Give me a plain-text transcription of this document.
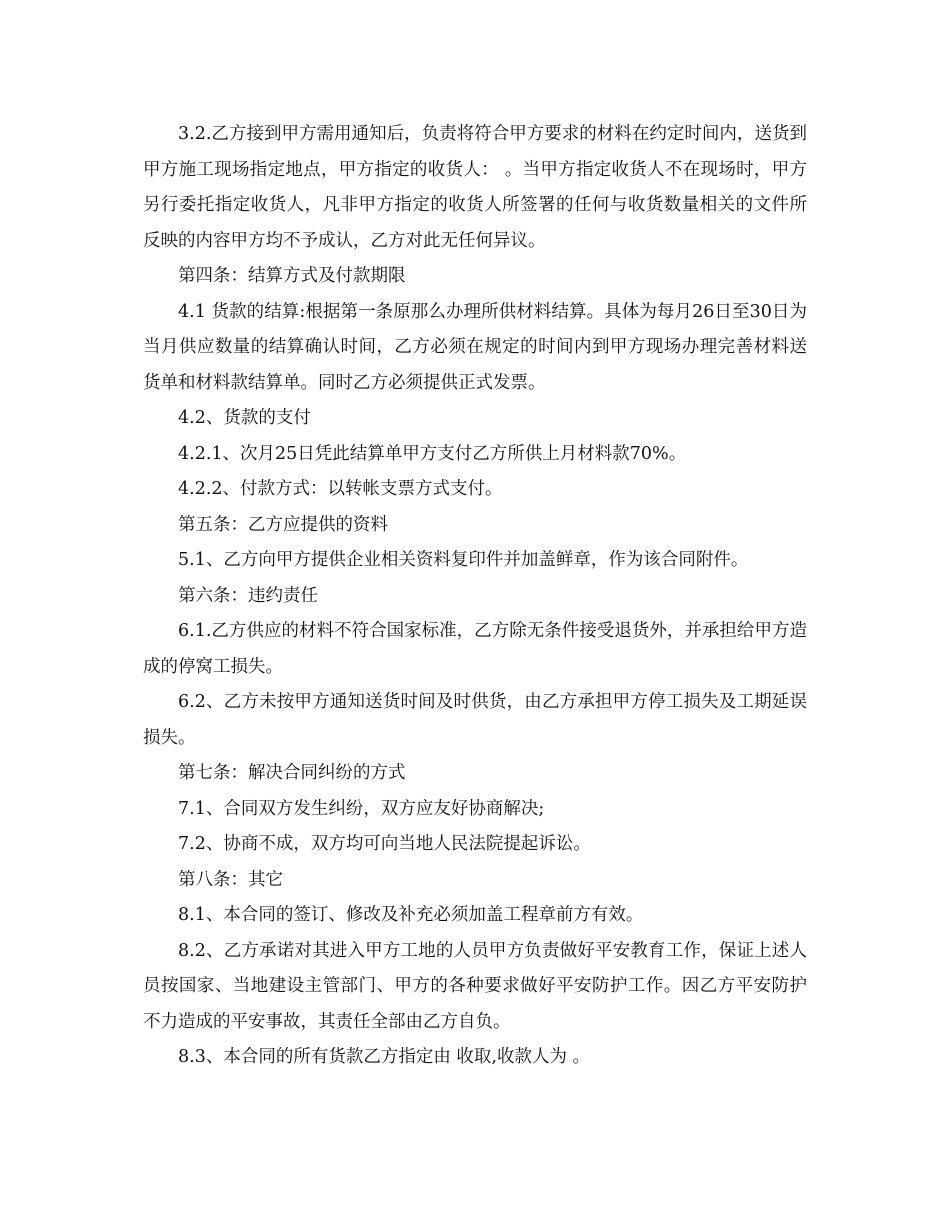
3.2.乙方接到甲方需用通知后，负责将符合甲方要求的材料在约定时间内，送货到甲方施工现场指定地点，甲方指定的收货人： 。当甲方指定收货人不在现场时，甲方另行委托指定收货人，凡非甲方指定的收货人所签署的任何与收货数量相关的文件所反映的内容甲方均不予成认，乙方对此无任何异议。

第四条：结算方式及付款期限

4.1 货款的结算:根据第一条原那么办理所供材料结算。具体为每月26日至30日为当月供应数量的结算确认时间，乙方必须在规定的时间内到甲方现场办理完善材料送货单和材料款结算单。同时乙方必须提供正式发票。

4.2、货款的支付

4.2.1、次月25日凭此结算单甲方支付乙方所供上月材料款70%。

4.2.2、付款方式：以转帐支票方式支付。

第五条：乙方应提供的资料

5.1、乙方向甲方提供企业相关资料复印件并加盖鲜章，作为该合同附件。

第六条：违约责任

6.1.乙方供应的材料不符合国家标准，乙方除无条件接受退货外，并承担给甲方造成的停窝工损失。

6.2、乙方未按甲方通知送货时间及时供货，由乙方承担甲方停工损失及工期延误损失。

第七条：解决合同纠纷的方式

7.1、合同双方发生纠纷，双方应友好协商解决;

7.2、协商不成，双方均可向当地人民法院提起诉讼。

第八条：其它

8.1、本合同的签订、修改及补充必须加盖工程章前方有效。

8.2、乙方承诺对其进入甲方工地的人员甲方负责做好平安教育工作，保证上述人员按国家、当地建设主管部门、甲方的各种要求做好平安防护工作。因乙方平安防护不力造成的平安事故，其责任全部由乙方自负。

8.3、本合同的所有货款乙方指定由 收取,收款人为 。
